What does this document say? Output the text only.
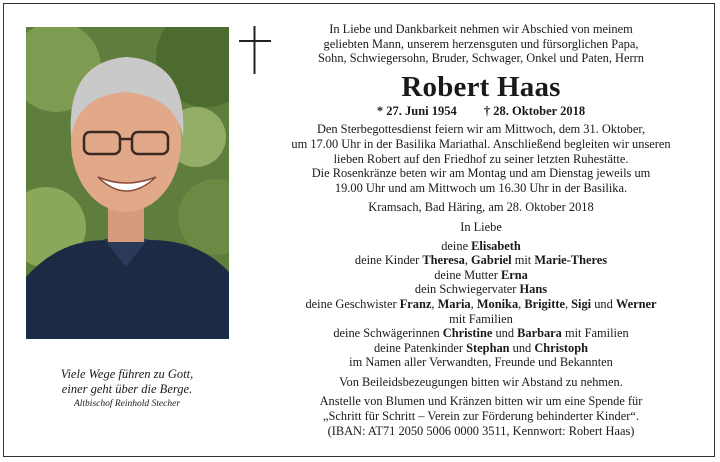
Viele Wege führen zu Gott,
einer geht über die Berge.
Altbischof Reinhold Stecher

In Liebe und Dankbarkeit nehmen wir Abschied von meinem

geliebten Mann, unserem herzensguten und fürsorglichen Papa,

Sohn, Schwiegersohn, Bruder, Schwager, Onkel und Paten, Herrn

Robert Haas

* 27. Juni 1954 † 28. Oktober 2018

Den Sterbegottesdienst feiern wir am Mittwoch, dem 31. Oktober,

um 17.00 Uhr in der Basilika Mariathal. Anschließend begleiten wir unseren

lieben Robert auf den Friedhof zu seiner letzten Ruhestätte.

Die Rosenkränze beten wir am Montag und am Dienstag jeweils um

19.00 Uhr und am Mittwoch um 16.30 Uhr in der Basilika.

Kramsach, Bad Häring, am 28. Oktober 2018

In Liebe

deine Elisabeth

deine Kinder Theresa, Gabriel mit Marie-Theres

deine Mutter Erna

dein Schwiegervater Hans

deine Geschwister Franz, Maria, Monika, Brigitte, Sigi und Werner

mit Familien

deine Schwägerinnen Christine und Barbara mit Familien

deine Patenkinder Stephan und Christoph

im Namen aller Verwandten, Freunde und Bekannten

Von Beileidsbezeugungen bitten wir Abstand zu nehmen.

Anstelle von Blumen und Kränzen bitten wir um eine Spende für

„Schritt für Schritt – Verein zur Förderung behinderter Kinder“.

(IBAN: AT71 2050 5006 0000 3511, Kennwort: Robert Haas)
